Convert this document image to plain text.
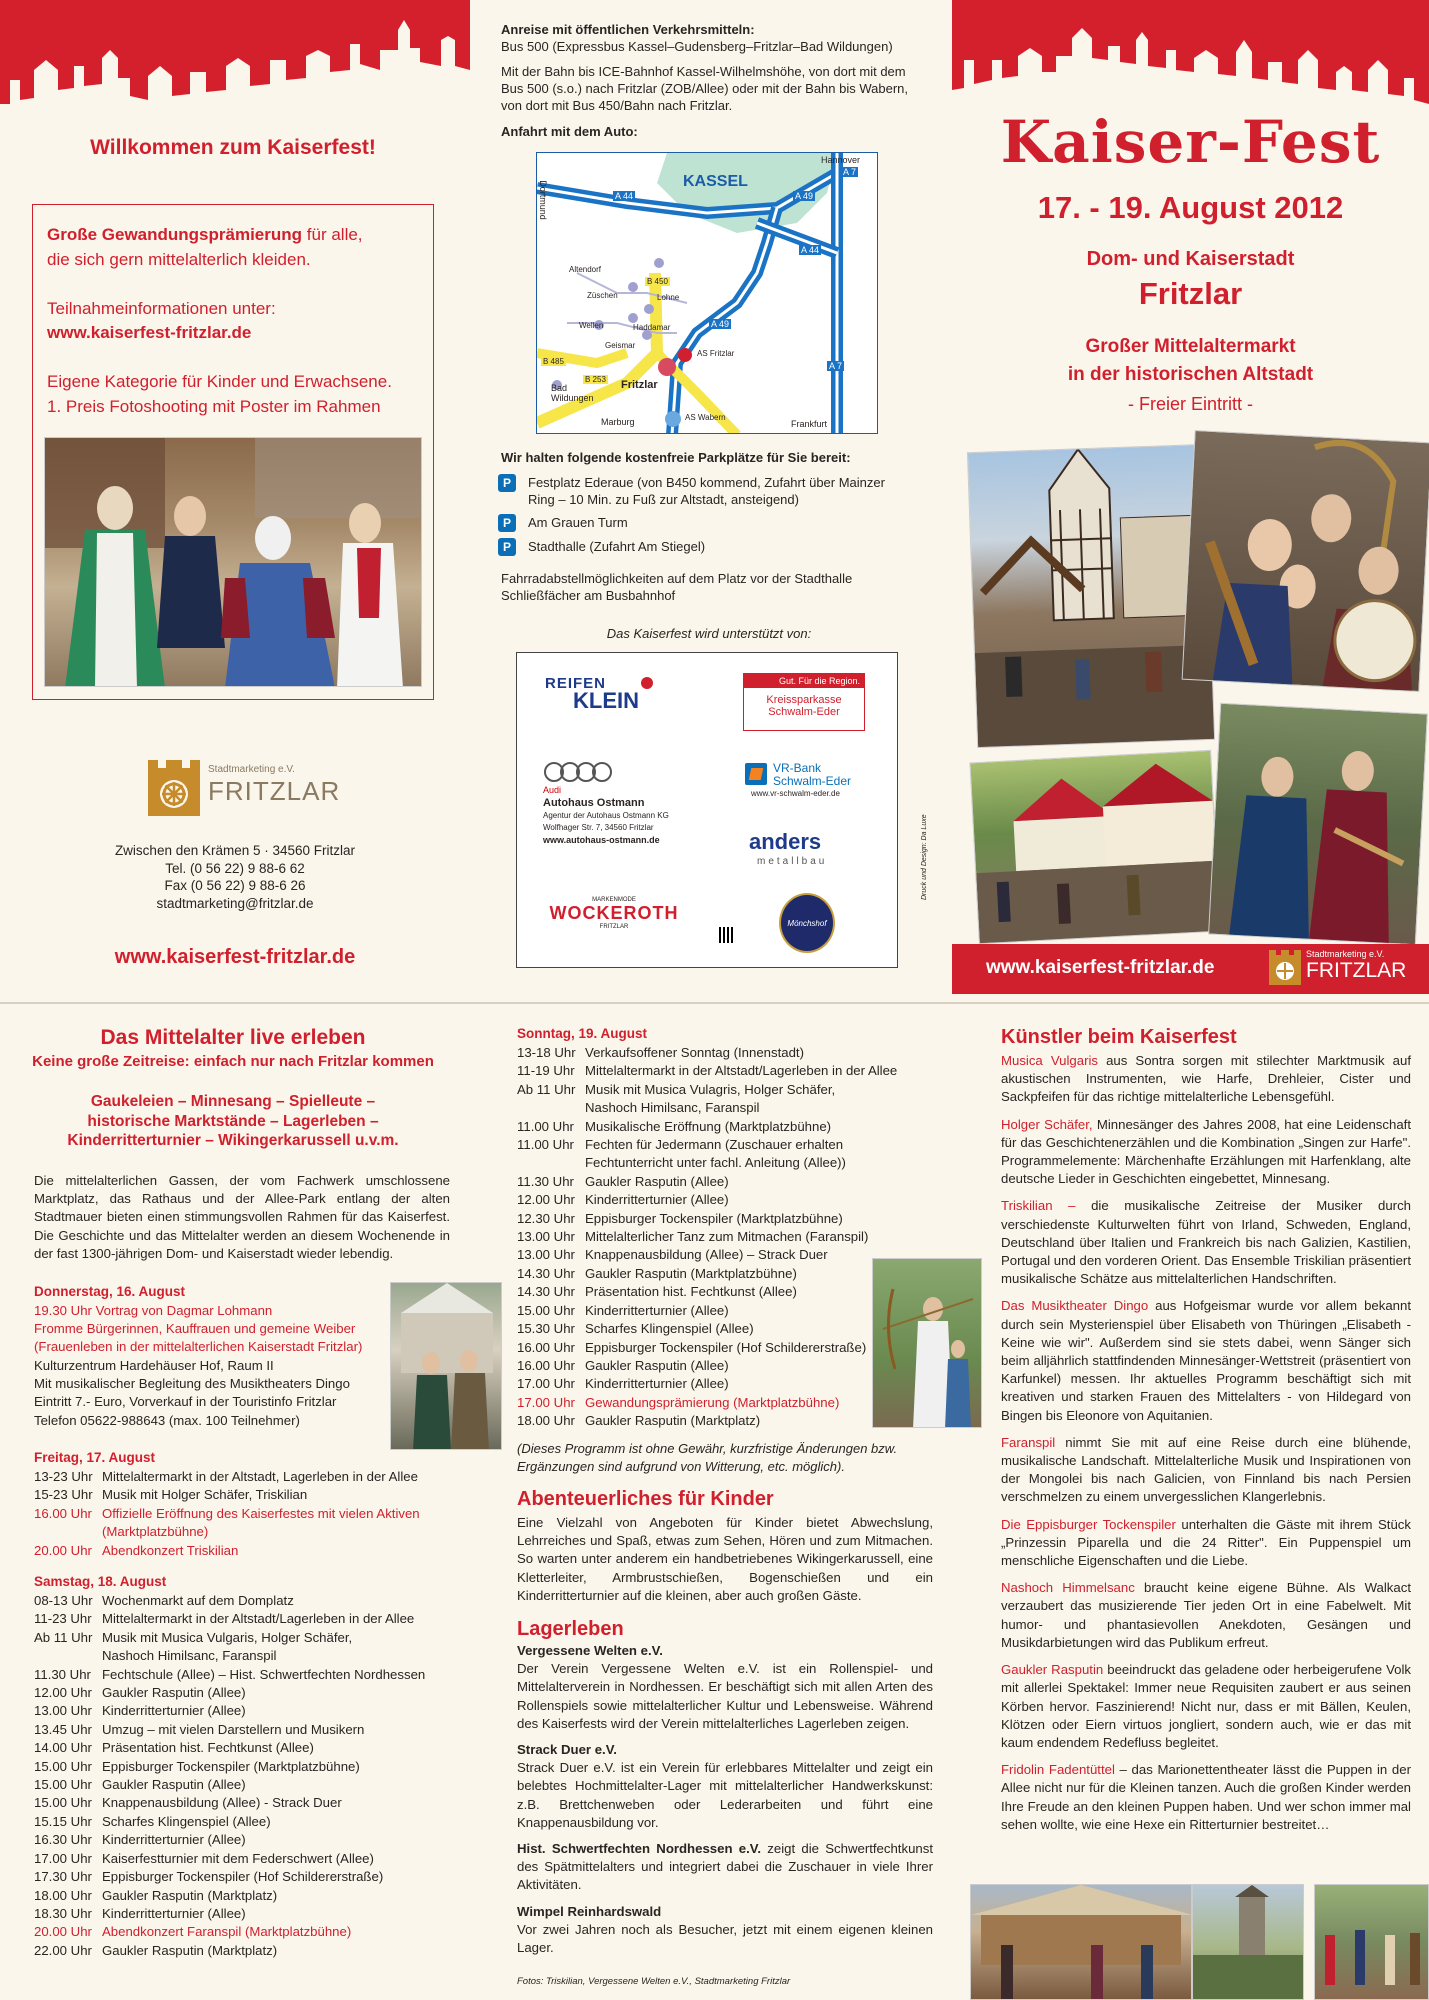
Willkommen zum Kaiserfest!
Große Gewandungsprämierung für alle,
die sich gern mittelalterlich kleiden.
Teilnahmeinformationen unter:
www.kaiserfest-fritzlar.de
Eigene Kategorie für Kinder und Erwachsene.
1. Preis Fotoshooting mit Poster im Rahmen
Stadtmarketing e.V.
FRITZLAR
Zwischen den Krämen 5 · 34560 Fritzlar
Tel. (0 56 22) 9 88-6 62
Fax (0 56 22) 9 88-6 26
stadtmarketing@fritzlar.de
www.kaiserfest-fritzlar.de
Anreise mit öffentlichen Verkehrsmitteln:
Bus 500 (Expressbus Kassel–Gudensberg–Fritzlar–Bad Wildungen)
Mit der Bahn bis ICE-Bahnhof Kassel-Wilhelmshöhe, von dort mit dem Bus 500 (s.o.) nach Fritzlar (ZOB/Allee) oder mit der Bahn bis Wabern, von dort mit Bus 450/Bahn nach Fritzlar.
Anfahrt mit dem Auto:
KASSEL
Hannover
Dortmund	A 44	A 49
A 7
A 44
A 49
A 7
B 450
B 485
B 253
Altendorf
Züschen	Lohne
Wellen	Haddamar
Geismar
Fritzlar
Bad Wildungen
AS Fritzlar
AS Wabern
Marburg	Frankfurt
Wir halten folgende kostenfreie Parkplätze für Sie bereit:
P	Festplatz Ederaue (von B450 kommend, Zufahrt über Mainzer Ring – 10 Min. zu Fuß zur Altstadt, ansteigend)
P	Am Grauen Turm
P	Stadthalle (Zufahrt Am Stiegel)
Fahrradabstellmöglichkeiten auf dem Platz vor der Stadthalle Schließfächer am Busbahnhof
Das Kaiserfest wird unterstützt von:
REIFEN
KLEIN
Gut. Für die Region.
Kreissparkasse
Schwalm-Eder
Audi
Autohaus Ostmann
Agentur der Autohaus Ostmann KG
Wolfhager Str. 7, 34560 Fritzlar
www.autohaus-ostmann.de
VR-Bank
Schwalm-Eder
www.vr-schwalm-eder.de
anders
metallbau
MARKENMODE
WOCKEROTH
FRITZLAR	Mönchshof
Druck und Design: Da Luxe
Kaiser-Fest
17. - 19. August 2012
Dom- und Kaiserstadt
Fritzlar
Großer Mittelaltermarkt
in der historischen Altstadt
- Freier Eintritt -
www.kaiserfest-fritzlar.de
Stadtmarketing e.V.
FRITZLAR
Das Mittelalter live erleben
Keine große Zeitreise: einfach nur nach Fritzlar kommen
Gaukeleien – Minnesang – Spielleute – historische Marktstände – Lagerleben – Kinderritterturnier – Wikingerkarussell u.v.m.
Die mittelalterlichen Gassen, der vom Fachwerk umschlossene Marktplatz, das Rathaus und der Allee-Park entlang der alten Stadtmauer bieten einen stimmungsvollen Rahmen für das Kaiserfest. Die Geschichte und das Mittelalter werden an diesem Wochenende in der fast 1300-jährigen Dom- und Kaiserstadt wieder lebendig.
Donnerstag, 16. August
19.30 Uhr Vortrag von Dagmar Lohmann
Fromme Bürgerinnen, Kauffrauen und gemeine Weiber
(Frauenleben in der mittelalterlichen Kaiserstadt Fritzlar)
Kulturzentrum Hardehäuser Hof, Raum II
Mit musikalischer Begleitung des Musiktheaters Dingo
Eintritt 7.- Euro, Vorverkauf in der Touristinfo Fritzlar
Telefon 05622-988643 (max. 100 Teilnehmer)
Freitag, 17. August
13-23 Uhr Mittelaltermarkt in der Altstadt, Lagerleben in der Allee
15-23 Uhr Musik mit Holger Schäfer, Triskilian
16.00 Uhr Offizielle Eröffnung des Kaiserfestes mit vielen Aktiven
(Marktplatzbühne)
20.00 Uhr Abendkonzert Triskilian
Samstag, 18. August
08-13 Uhr Wochenmarkt auf dem Domplatz
11-23 Uhr Mittelaltermarkt in der Altstadt/Lagerleben in der Allee
Ab 11 Uhr Musik mit Musica Vulgaris, Holger Schäfer,
Nashoch Himilsanc, Faranspil
11.30 Uhr Fechtschule (Allee) – Hist. Schwertfechten Nordhessen
12.00 Uhr Gaukler Rasputin (Allee)
13.00 Uhr Kinderritterturnier (Allee)
13.45 Uhr Umzug – mit vielen Darstellern und Musikern
14.00 Uhr Präsentation hist. Fechtkunst (Allee)
15.00 Uhr Eppisburger Tockenspiler (Marktplatzbühne)
15.00 Uhr Gaukler Rasputin (Allee)
15.00 Uhr Knappenausbildung (Allee) - Strack Duer
15.15 Uhr Scharfes Klingenspiel (Allee)
16.30 Uhr Kinderritterturnier (Allee)
17.00 Uhr Kaiserfestturnier mit dem Federschwert (Allee)
17.30 Uhr Eppisburger Tockenspiler (Hof Schildererstraße)
18.00 Uhr Gaukler Rasputin (Marktplatz)
18.30 Uhr Kinderritterturnier (Allee)
20.00 Uhr Abendkonzert Faranspil (Marktplatzbühne)
22.00 Uhr Gaukler Rasputin (Marktplatz)
Sonntag, 19. August
13-18 Uhr Verkaufsoffener Sonntag (Innenstadt)
11-19 Uhr Mittelaltermarkt in der Altstadt/Lagerleben in der Allee
Ab 11 Uhr Musik mit Musica Vulagris, Holger Schäfer,
Nashoch Himilsanc, Faranspil
11.00 Uhr Musikalische Eröffnung (Marktplatzbühne)
11.00 Uhr Fechten für Jedermann (Zuschauer erhalten
Fechtunterricht unter fachl. Anleitung (Allee))
11.30 Uhr Gaukler Rasputin (Allee)
12.00 Uhr Kinderritterturnier (Allee)
12.30 Uhr Eppisburger Tockenspiler (Marktplatzbühne)
13.00 Uhr Mittelalterlicher Tanz zum Mitmachen (Faranspil)
13.00 Uhr Knappenausbildung (Allee) – Strack Duer
14.30 Uhr Gaukler Rasputin (Marktplatzbühne)
14.30 Uhr Präsentation hist. Fechtkunst (Allee)
15.00 Uhr Kinderritterturnier (Allee)
15.30 Uhr Scharfes Klingenspiel (Allee)
16.00 Uhr Eppisburger Tockenspiler (Hof Schildererstraße)
16.00 Uhr Gaukler Rasputin (Allee)
17.00 Uhr Kinderritterturnier (Allee)
17.00 Uhr Gewandungsprämierung (Marktplatzbühne)
18.00 Uhr Gaukler Rasputin (Marktplatz)
(Dieses Programm ist ohne Gewähr, kurzfristige Änderungen bzw. Ergänzungen sind aufgrund von Witterung, etc. möglich).
Abenteuerliches für Kinder
Eine Vielzahl von Angeboten für Kinder bietet Abwechslung, Lehrreiches und Spaß, etwas zum Sehen, Hören und zum Mitmachen. So warten unter anderem ein handbetriebenes Wikingerkarussell, eine Kletterleiter, Armbrustschießen, Bogenschießen und ein Kinderritterturnier auf die kleinen, aber auch großen Gäste.
Lagerleben
Vergessene Welten e.V.
Der Verein Vergessene Welten e.V. ist ein Rollenspiel- und Mittelalterverein in Nordhessen. Er beschäftigt sich mit allen Arten des Rollenspiels sowie mittelalterlicher Kultur und Lebensweise. Während des Kaiserfests wird der Verein mittelalterliches Lagerleben zeigen.
Strack Duer e.V.
Strack Duer e.V. ist ein Verein für erlebbares Mittelalter und zeigt ein belebtes Hochmittelalter-Lager mit mittelalterlicher Handwerkskunst: z.B. Brettchenweben oder Lederarbeiten und führt eine Knappenausbildung vor.
Hist. Schwertfechten Nordhessen e.V. zeigt die Schwertfechtkunst des Spätmittelalters und integriert dabei die Zuschauer in viele Ihrer Aktivitäten.
Wimpel Reinhardswald
Vor zwei Jahren noch als Besucher, jetzt mit einem eigenen kleinen Lager.
Fotos: Triskilian, Vergessene Welten e.V., Stadtmarketing Fritzlar
Künstler beim Kaiserfest
Musica Vulgaris aus Sontra sorgen mit stilechter Marktmusik auf akustischen Instrumenten, wie Harfe, Drehleier, Cister und Sackpfeifen für das richtige mittelalterliche Lebensgefühl.
Holger Schäfer, Minnesänger des Jahres 2008, hat eine Leidenschaft für das Geschichtenerzählen und die Kombination „Singen zur Harfe". Programmelemente: Märchenhafte Erzählungen mit Harfenklang, alte deutsche Lieder in Geschichten eingebettet, Minnesang.
Triskilian – die musikalische Zeitreise der Musiker durch verschiedenste Kulturwelten führt von Irland, Schweden, England, Deutschland über Italien und Frankreich bis nach Galizien, Kastilien, Portugal und den vorderen Orient. Das Ensemble Triskilian präsentiert musikalische Schätze aus mittelalterlichen Handschriften.
Das Musiktheater Dingo aus Hofgeismar wurde vor allem bekannt durch sein Mysterienspiel über Elisabeth von Thüringen „Elisabeth - Keine wie wir". Außerdem sind sie stets dabei, wenn Sänger sich beim alljährlich stattfindenden Minnesänger-Wettstreit (präsentiert von Karfunkel) messen. Ihr aktuelles Programm beschäftigt sich mit kreativen und starken Frauen des Mittelalters - von Hildegard von Bingen bis Eleonore von Aquitanien.
Faranspil nimmt Sie mit auf eine Reise durch eine blühende, musikalische Landschaft. Mittelalterliche Musik und Inspirationen von der Mongolei bis nach Galicien, von Finnland bis nach Persien verschmelzen zu einem unvergesslichen Klangerlebnis.
Die Eppisburger Tockenspiler unterhalten die Gäste mit ihrem Stück „Prinzessin Piparella und die 24 Ritter". Ein Puppenspiel um menschliche Eigenschaften und die Liebe.
Nashoch Himmelsanc braucht keine eigene Bühne. Als Walkact verzaubert das musizierende Tier jeden Ort in eine Fabelwelt. Mit humor- und phantasievollen Anekdoten, Gesängen und Musikdarbietungen wird das Publikum erfreut.
Gaukler Rasputin beeindruckt das geladene oder herbeigerufene Volk mit allerlei Spektakel: Immer neue Requisiten zaubert er aus seinen Körben hervor. Faszinierend! Nicht nur, dass er mit Bällen, Keulen, Klötzen oder Eiern virtuos jongliert, sondern auch, wie er das mit kaum endendem Redefluss begleitet.
Fridolin Fadentüttel – das Marionettentheater lässt die Puppen in der Allee nicht nur für die Kleinen tanzen. Auch die großen Kinder werden Ihre Freude an den kleinen Puppen haben. Und wer schon immer mal sehen wollte, wie eine Hexe ein Ritterturnier bestreitet…
